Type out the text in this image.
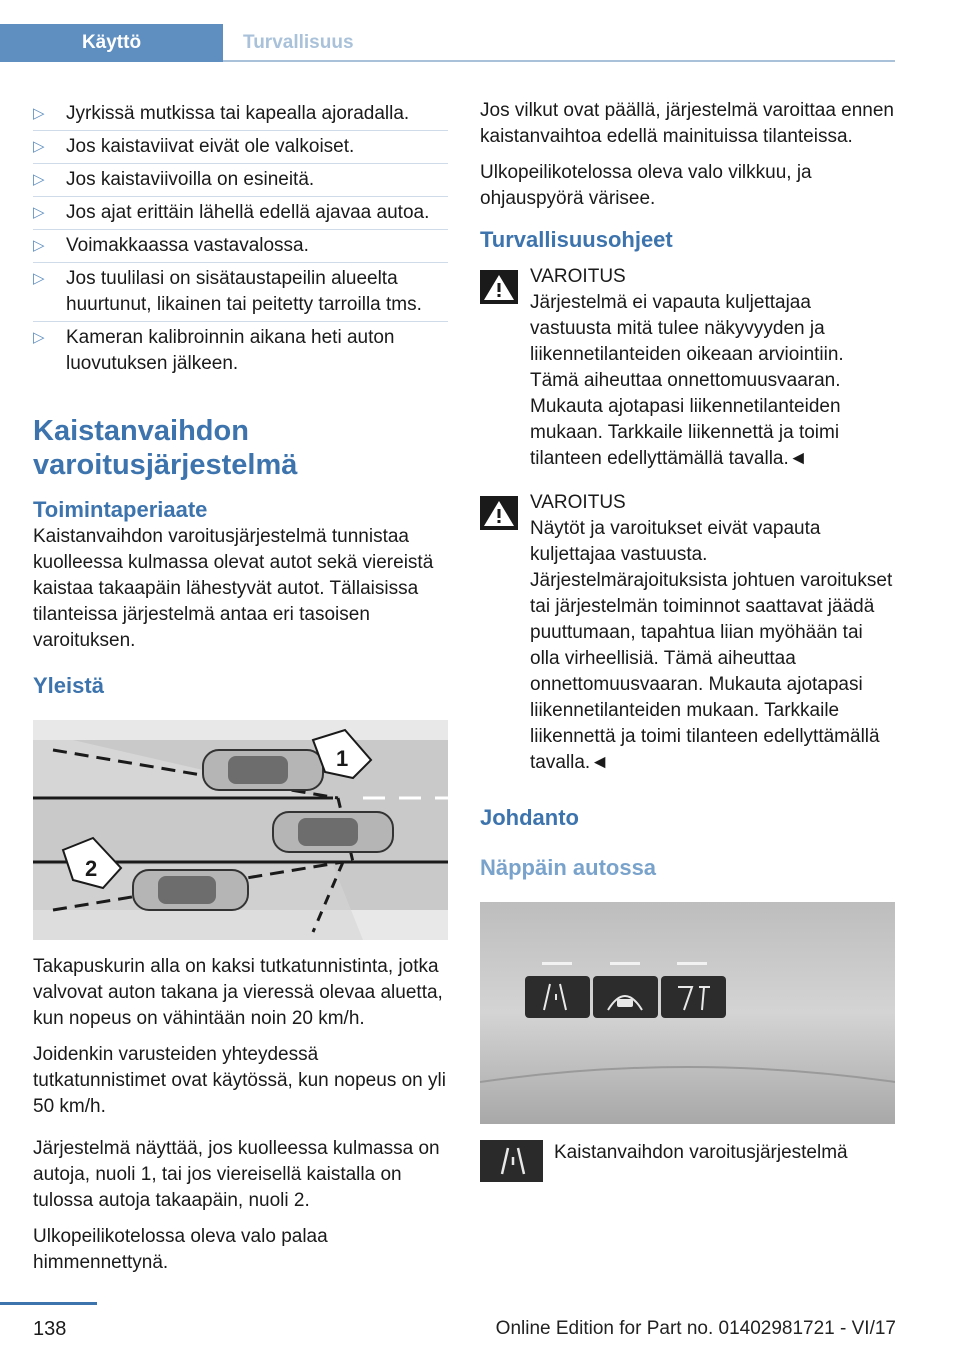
Käyttö	Turvallisuus
▷ Jyrkissä mutkissa tai kapealla ajoradalla.
▷ Jos kaistaviivat eivät ole valkoiset.
▷ Jos kaistaviivoilla on esineitä.
▷ Jos ajat erittäin lähellä edellä ajavaa autoa.
▷ Voimakkaassa vastavalossa.
▷ Jos tuulilasi on sisätaustapeilin alueelta huurtunut, likainen tai peitetty tarroilla tms.
▷ Kameran kalibroinnin aikana heti auton luovutuksen jälkeen.
Kaistanvaihdon varoitusjärjestelmä
Toimintaperiaate

Kaistanvaihdon varoitusjärjestelmä tunnistaa kuolleessa kulmassa olevat autot sekä viereistä kaistaa takaapäin lähestyvät autot. Tällaisissa tilanteissa järjestelmä antaa eri tasoisen varoituksen.

Yleistä
1
2

Takapuskurin alla on kaksi tutkatunnistinta, jotka valvovat auton takana ja vieressä olevaa aluetta, kun nopeus on vähintään noin 20 km/h.

Joidenkin varusteiden yhteydessä tutkatunnistimet ovat käytössä, kun nopeus on yli 50 km/h.

Järjestelmä näyttää, jos kuolleessa kulmassa on autoja, nuoli 1, tai jos viereisellä kaistalla on tulossa autoja takaapäin, nuoli 2.

Ulkopeilikotelossa oleva valo palaa himmennettynä.

Jos vilkut ovat päällä, järjestelmä varoittaa ennen kaistanvaihtoa edellä mainituissa tilanteissa.

Ulkopeilikotelossa oleva valo vilkkuu, ja ohjauspyörä värisee.

Turvallisuusohjeet
VAROITUS
Järjestelmä ei vapauta kuljettajaa vastuusta mitä tulee näkyvyyden ja liikennetilanteiden oikeaan arviointiin. Tämä aiheuttaa onnettomuusvaaran. Mukauta ajotapasi liikennetilanteiden mukaan. Tarkkaile liikennettä ja toimi tilanteen edellyttämällä tavalla.◄
VAROITUS
Näytöt ja varoitukset eivät vapauta kuljettajaa vastuusta. Järjestelmärajoituksista johtuen varoitukset tai järjestelmän toiminnot saattavat jäädä puuttumaan, tapahtua liian myöhään tai olla virheellisiä. Tämä aiheuttaa onnettomuusvaaran. Mukauta ajotapasi liikennetilanteiden mukaan. Tarkkaile liikennettä ja toimi tilanteen edellyttämällä tavalla.◄
Johdanto
Näppäin autossa
Kaistanvaihdon varoitusjärjestelmä
138	Online Edition for Part no. 01402981721 - VI/17
